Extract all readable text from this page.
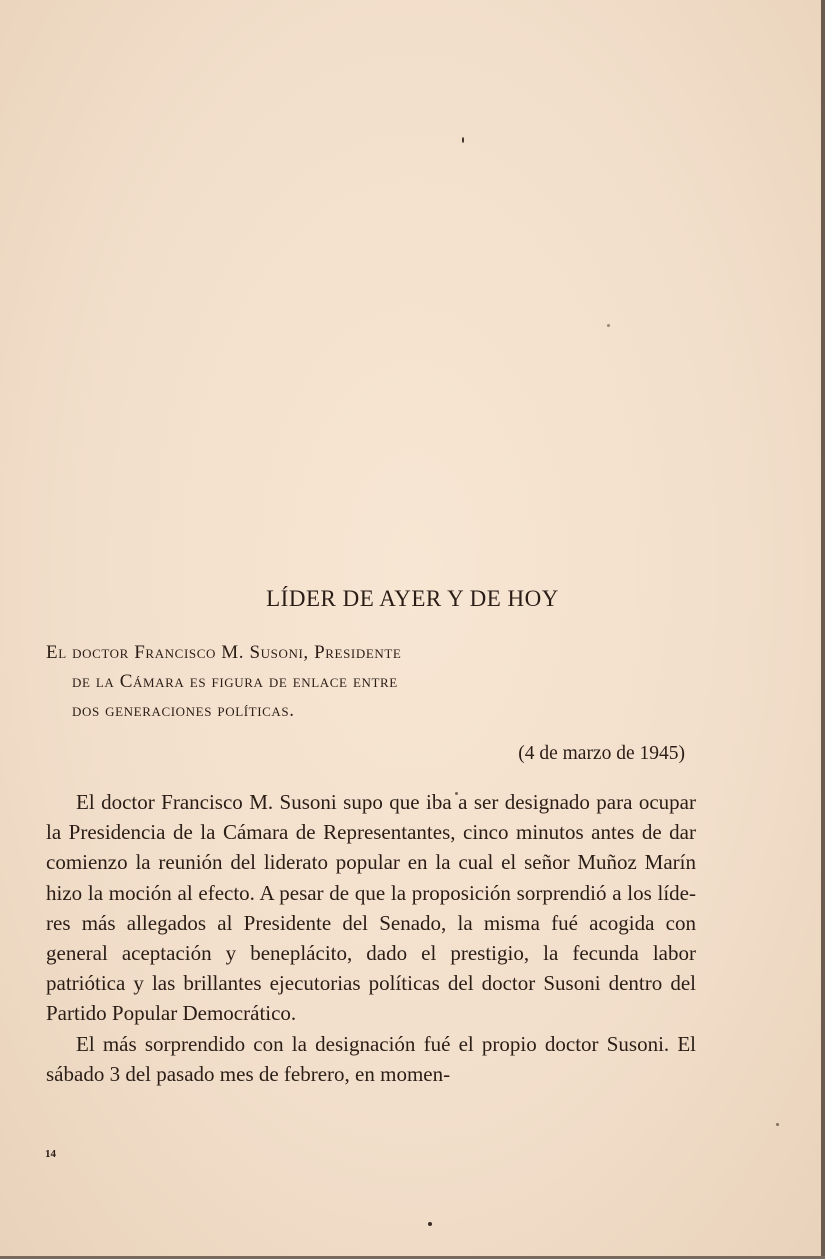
LÍDER DE AYER Y DE HOY
El doctor Francisco M. Susoni, Presidente
de la Cámara es figura de enlace entre
dos generaciones políticas.
(4 de marzo de 1945)

El doctor Francisco M. Susoni supo que iba a ser designado para ocupar la Presidencia de la Cámara de Representantes, cinco minutos antes de dar comienzo la reunión del liderato popular en la cual el señor Muñoz Marín hizo la moción al efecto. A pesar de que la proposición sorprendió a los líderes más allegados al Presidente del Senado, la misma fué acogida con general aceptación y beneplácito, dado el prestigio, la fecunda labor patriótica y las brillantes ejecutorias políticas del doctor Susoni dentro del Partido Popular Democrático.

El más sorprendido con la designación fué el propio doctor Susoni. El sábado 3 del pasado mes de febrero, en momen-

14
